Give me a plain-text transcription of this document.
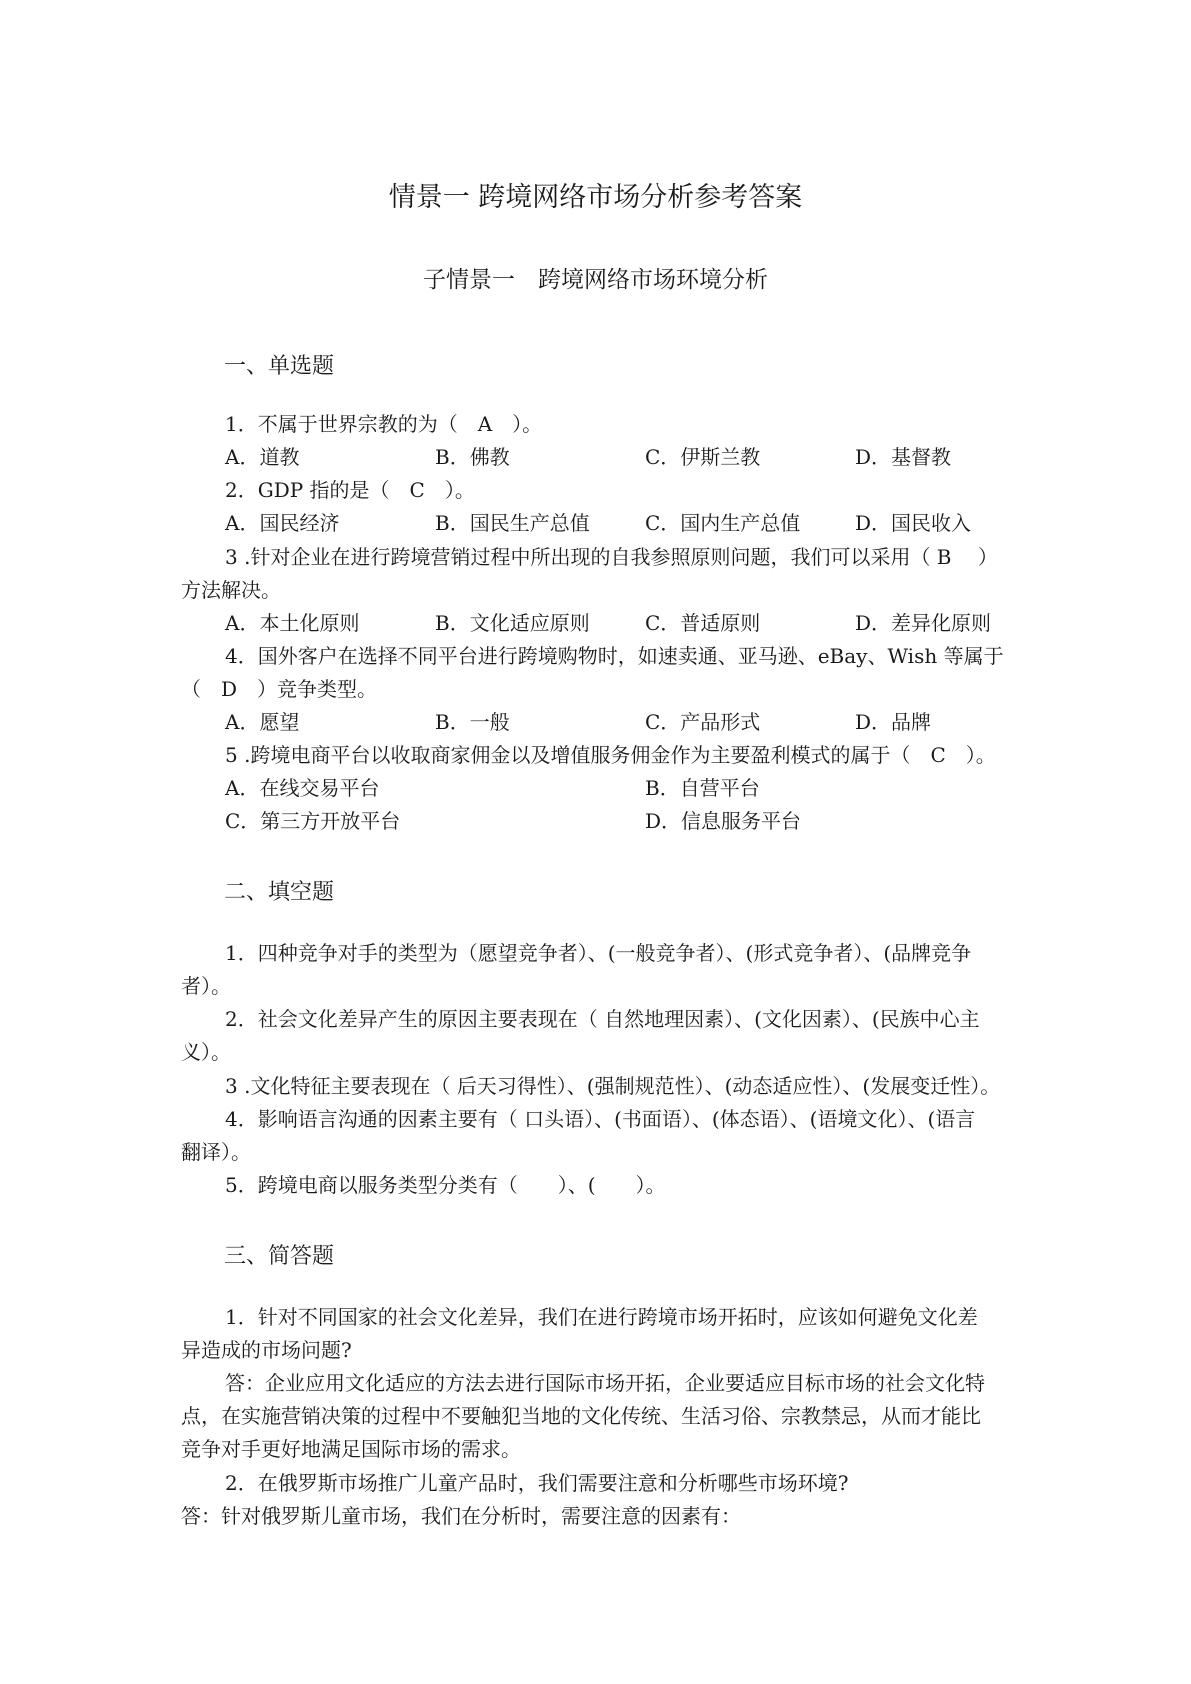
情景一 跨境网络市场分析参考答案
子情景一　跨境网络市场环境分析
一、单选题
1．不属于世界宗教的为（　A　）。
A．道教	B．佛教	C．伊斯兰教	D．基督教
2．GDP 指的是（　C　）。
A．国民经济	B．国民生产总值	C．国内生产总值	D．国民收入
3 .针对企业在进行跨境营销过程中所出现的自我参照原则问题，我们可以采用（ B　 ）
方法解决。
A．本土化原则	B．文化适应原则	C．普适原则	D．差异化原则
4．国外客户在选择不同平台进行跨境购物时，如速卖通、亚马逊、eBay、Wish 等属于
（　D　）竞争类型。
A．愿望	B．一般	C．产品形式	D．品牌
5 .跨境电商平台以收取商家佣金以及增值服务佣金作为主要盈利模式的属于（　C　）。
A．在线交易平台	B．自营平台
C．第三方开放平台	D．信息服务平台
二、填空题
1．四种竞争对手的类型为（愿望竞争者）、(一般竞争者）、(形式竞争者）、(品牌竞争
者）。
2．社会文化差异产生的原因主要表现在（ 自然地理因素）、(文化因素）、(民族中心主
义）。
3 .文化特征主要表现在（ 后天习得性）、(强制规范性）、(动态适应性）、(发展变迁性）。
4．影响语言沟通的因素主要有（ 口头语）、(书面语）、(体态语）、(语境文化）、(语言
翻译）。
5．跨境电商以服务类型分类有（　　）、(　　）。
三、简答题
1．针对不同国家的社会文化差异，我们在进行跨境市场开拓时，应该如何避免文化差
异造成的市场问题?
答：企业应用文化适应的方法去进行国际市场开拓，企业要适应目标市场的社会文化特
点，在实施营销决策的过程中不要触犯当地的文化传统、生活习俗、宗教禁忌，从而才能比
竞争对手更好地满足国际市场的需求。
2．在俄罗斯市场推广儿童产品时，我们需要注意和分析哪些市场环境?
答：针对俄罗斯儿童市场，我们在分析时，需要注意的因素有：
